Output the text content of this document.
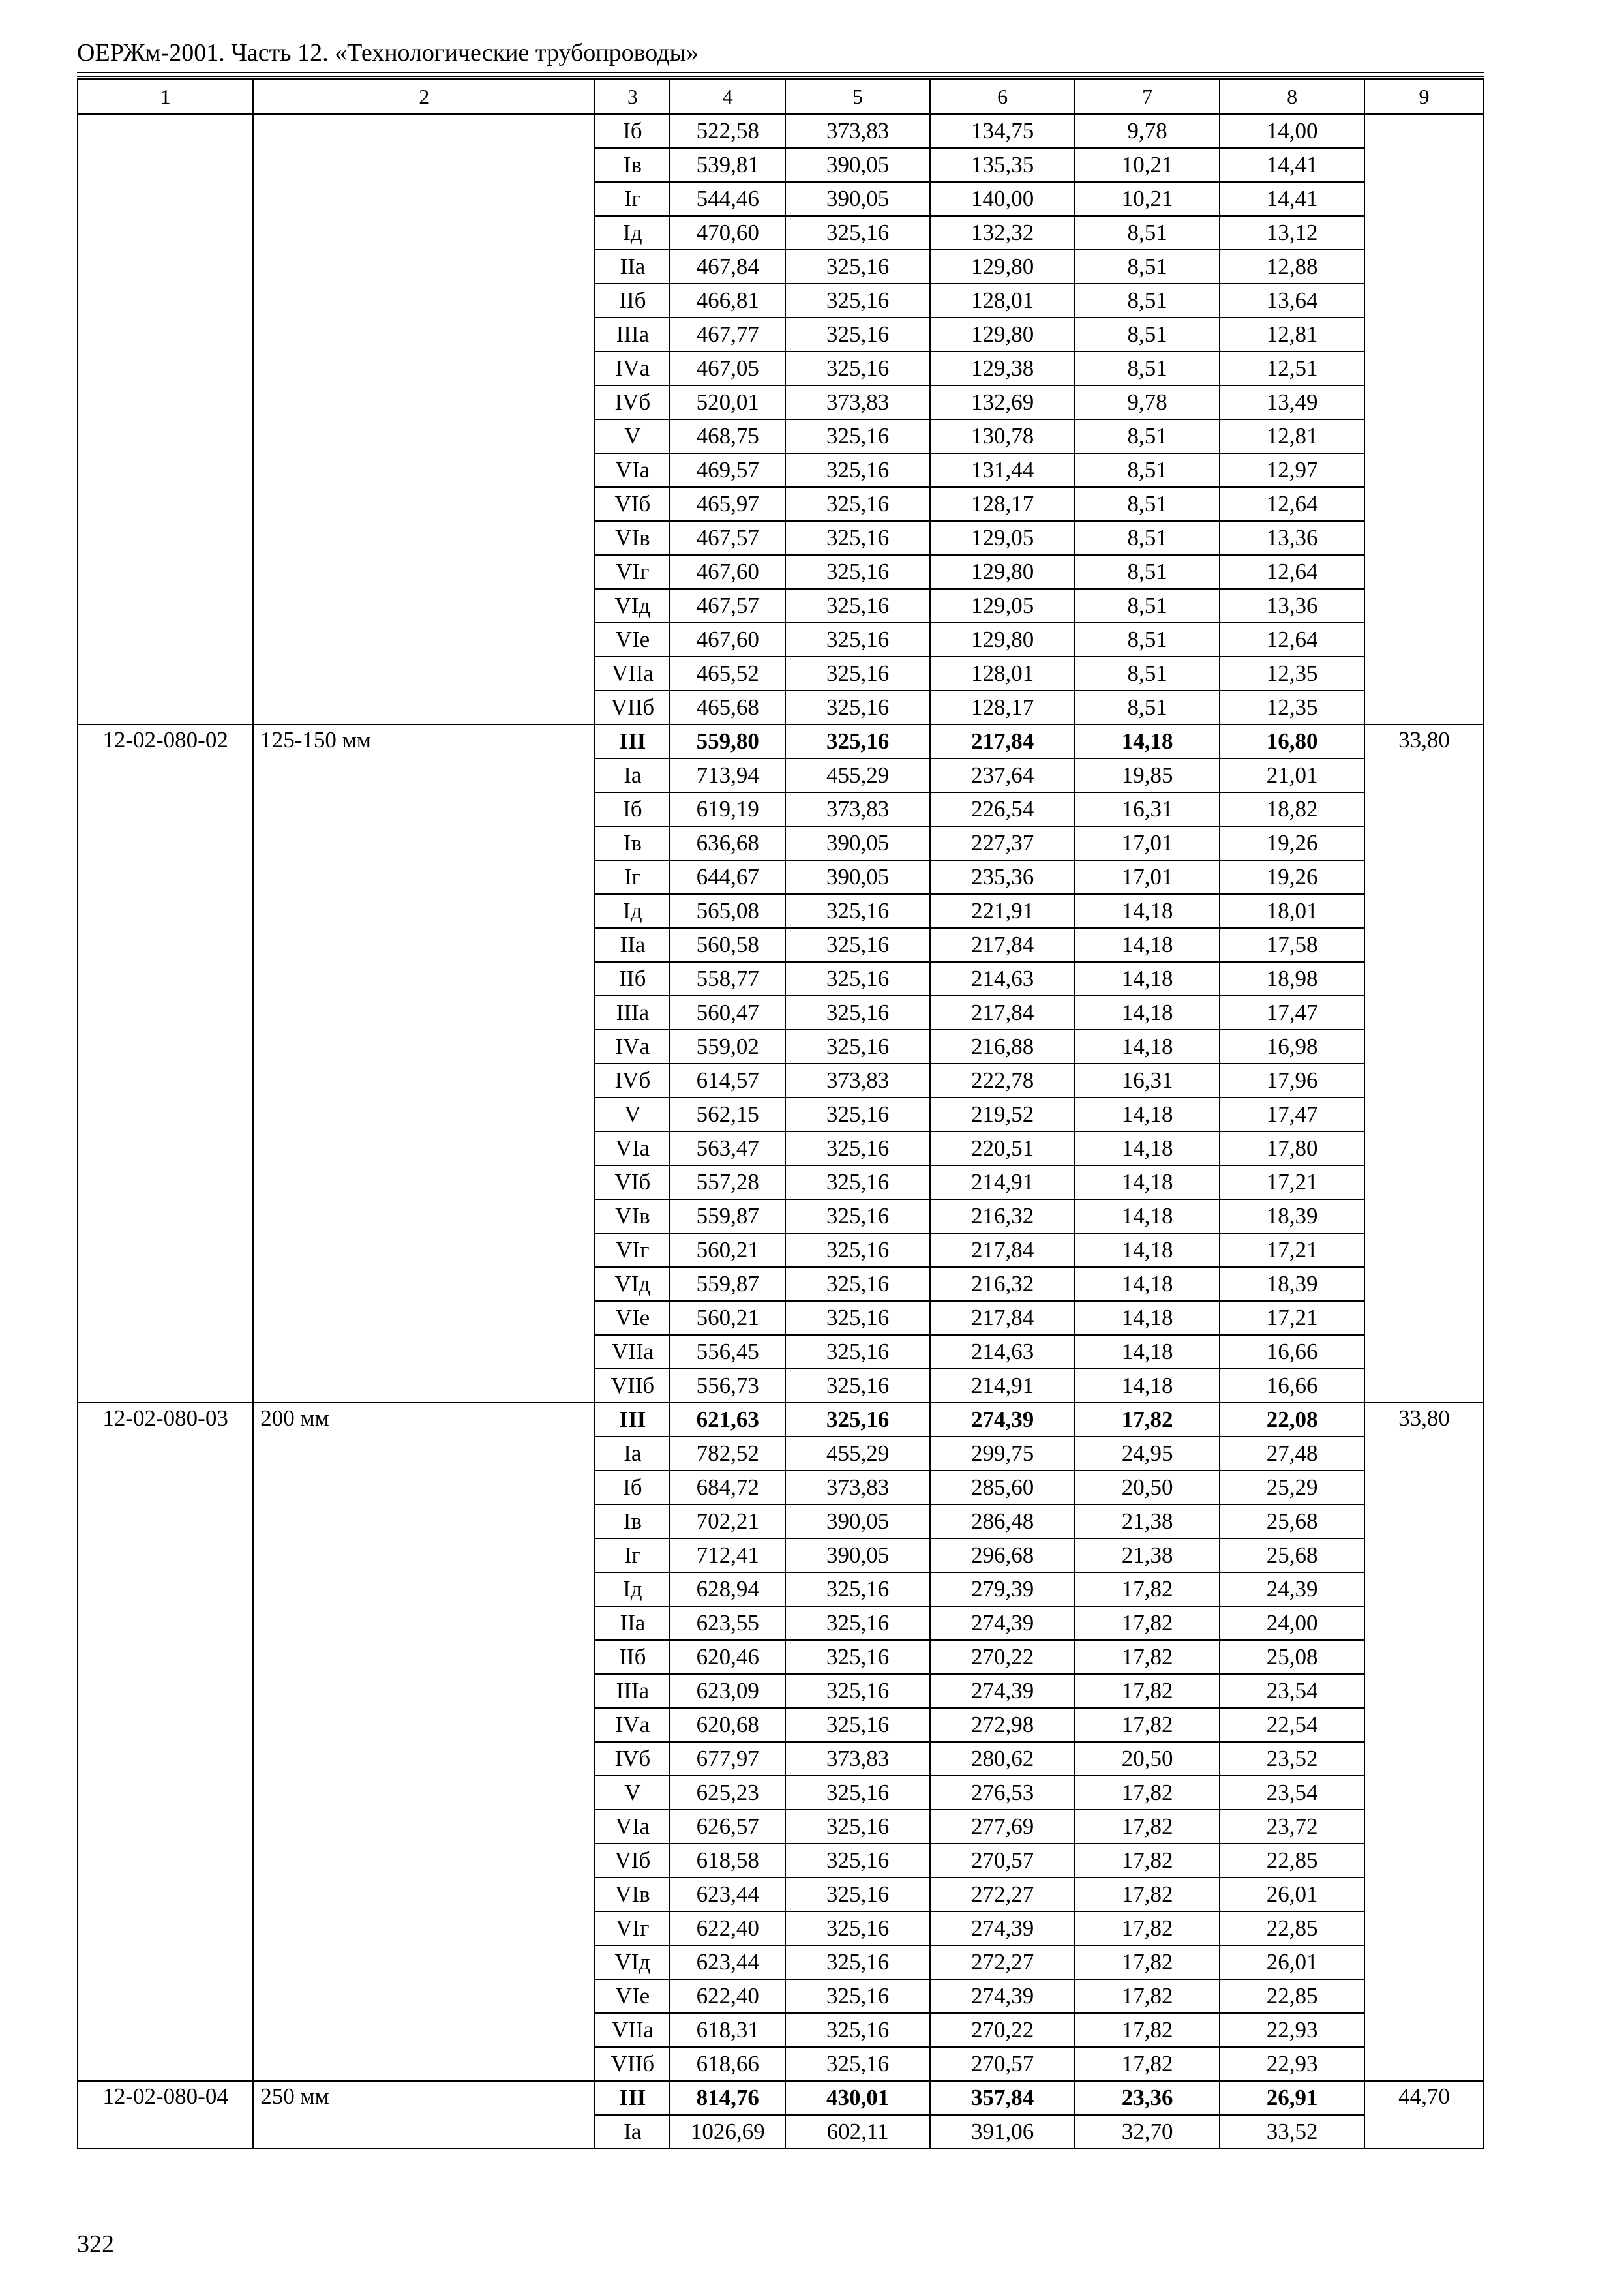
ОЕРЖм-2001. Часть 12. «Технологические трубопроводы»
1	2	3	4	5	6	7	8	9
		Iб	522,58	373,83	134,75	9,78	14,00	
		Iв	539,81	390,05	135,35	10,21	14,41	
		Iг	544,46	390,05	140,00	10,21	14,41	
		Iд	470,60	325,16	132,32	8,51	13,12	
		IIа	467,84	325,16	129,80	8,51	12,88	
		IIб	466,81	325,16	128,01	8,51	13,64	
		IIIа	467,77	325,16	129,80	8,51	12,81	
		IVа	467,05	325,16	129,38	8,51	12,51	
		IVб	520,01	373,83	132,69	9,78	13,49	
		V	468,75	325,16	130,78	8,51	12,81	
		VIа	469,57	325,16	131,44	8,51	12,97	
		VIб	465,97	325,16	128,17	8,51	12,64	
		VIв	467,57	325,16	129,05	8,51	13,36	
		VIг	467,60	325,16	129,80	8,51	12,64	
		VIд	467,57	325,16	129,05	8,51	13,36	
		VIе	467,60	325,16	129,80	8,51	12,64	
		VIIа	465,52	325,16	128,01	8,51	12,35	
		VIIб	465,68	325,16	128,17	8,51	12,35	
12-02-080-02	125-150 мм	III	559,80	325,16	217,84	14,18	16,80	33,80
		Iа	713,94	455,29	237,64	19,85	21,01	
		Iб	619,19	373,83	226,54	16,31	18,82	
		Iв	636,68	390,05	227,37	17,01	19,26	
		Iг	644,67	390,05	235,36	17,01	19,26	
		Iд	565,08	325,16	221,91	14,18	18,01	
		IIа	560,58	325,16	217,84	14,18	17,58	
		IIб	558,77	325,16	214,63	14,18	18,98	
		IIIа	560,47	325,16	217,84	14,18	17,47	
		IVа	559,02	325,16	216,88	14,18	16,98	
		IVб	614,57	373,83	222,78	16,31	17,96	
		V	562,15	325,16	219,52	14,18	17,47	
		VIа	563,47	325,16	220,51	14,18	17,80	
		VIб	557,28	325,16	214,91	14,18	17,21	
		VIв	559,87	325,16	216,32	14,18	18,39	
		VIг	560,21	325,16	217,84	14,18	17,21	
		VIд	559,87	325,16	216,32	14,18	18,39	
		VIе	560,21	325,16	217,84	14,18	17,21	
		VIIа	556,45	325,16	214,63	14,18	16,66	
		VIIб	556,73	325,16	214,91	14,18	16,66	
12-02-080-03	200 мм	III	621,63	325,16	274,39	17,82	22,08	33,80
		Iа	782,52	455,29	299,75	24,95	27,48	
		Iб	684,72	373,83	285,60	20,50	25,29	
		Iв	702,21	390,05	286,48	21,38	25,68	
		Iг	712,41	390,05	296,68	21,38	25,68	
		Iд	628,94	325,16	279,39	17,82	24,39	
		IIа	623,55	325,16	274,39	17,82	24,00	
		IIб	620,46	325,16	270,22	17,82	25,08	
		IIIа	623,09	325,16	274,39	17,82	23,54	
		IVа	620,68	325,16	272,98	17,82	22,54	
		IVб	677,97	373,83	280,62	20,50	23,52	
		V	625,23	325,16	276,53	17,82	23,54	
		VIа	626,57	325,16	277,69	17,82	23,72	
		VIб	618,58	325,16	270,57	17,82	22,85	
		VIв	623,44	325,16	272,27	17,82	26,01	
		VIг	622,40	325,16	274,39	17,82	22,85	
		VIд	623,44	325,16	272,27	17,82	26,01	
		VIе	622,40	325,16	274,39	17,82	22,85	
		VIIа	618,31	325,16	270,22	17,82	22,93	
		VIIб	618,66	325,16	270,57	17,82	22,93	
12-02-080-04	250 мм	III	814,76	430,01	357,84	23,36	26,91	44,70
		Iа	1026,69	602,11	391,06	32,70	33,52	
322
